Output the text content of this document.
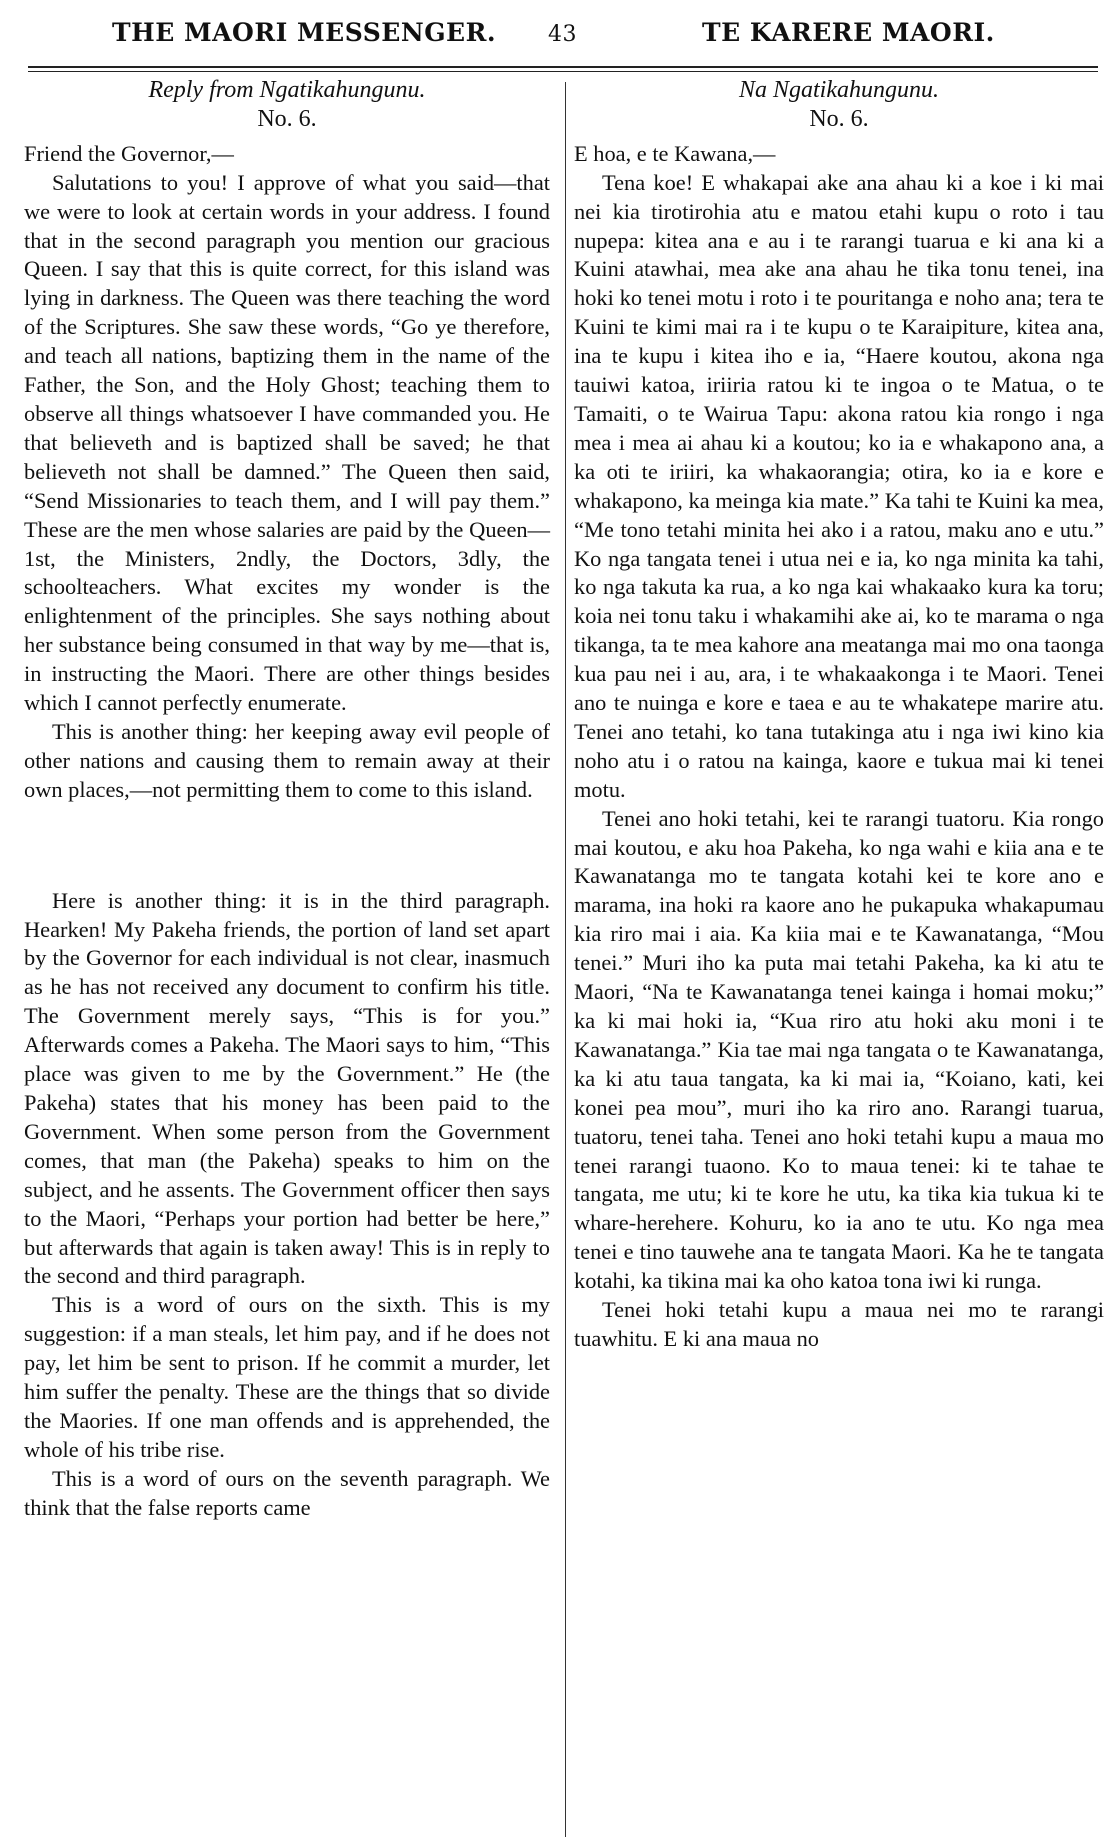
THE MAORI MESSENGER. 43	TE KARERE MAORI.

Reply from Ngatikahungunu.

No. 6.

Friend the Governor,—

Salutations to you! I approve of what you said—that we were to look at certain words in your address. I found that in the second paragraph you mention our gracious Queen. I say that this is quite correct, for this island was lying in darkness. The Queen was there teaching the word of the Scriptures. She saw these words, “Go ye therefore, and teach all nations, baptizing them in the name of the Father, the Son, and the Holy Ghost; teaching them to observe all things whatsoever I have commanded you. He that believeth and is baptized shall be saved; he that believeth not shall be damned.” The Queen then said, “Send Missionaries to teach them, and I will pay them.” These are the men whose salaries are paid by the Queen—1st, the Ministers, 2ndly, the Doctors, 3dly, the schoolteachers. What excites my wonder is the enlightenment of the principles. She says nothing about her substance being consumed in that way by me—that is, in instructing the Maori. There are other things besides which I cannot perfectly enumerate.

This is another thing: her keeping away evil people of other nations and causing them to remain away at their own places,—not permitting them to come to this island.

Here is another thing: it is in the third paragraph. Hearken! My Pakeha friends, the portion of land set apart by the Governor for each individual is not clear, inasmuch as he has not received any document to confirm his title. The Government merely says, “This is for you.” Afterwards comes a Pakeha. The Maori says to him, “This place was given to me by the Government.” He (the Pakeha) states that his money has been paid to the Government. When some person from the Government comes, that man (the Pakeha) speaks to him on the subject, and he assents. The Government officer then says to the Maori, “Perhaps your portion had better be here,” but afterwards that again is taken away! This is in reply to the second and third paragraph.

This is a word of ours on the sixth. This is my suggestion: if a man steals, let him pay, and if he does not pay, let him be sent to prison. If he commit a murder, let him suffer the penalty. These are the things that so divide the Maories. If one man offends and is apprehended, the whole of his tribe rise.

This is a word of ours on the seventh paragraph. We think that the false reports came

Na Ngatikahungunu.

No. 6.

E hoa, e te Kawana,—

Tena koe! E whakapai ake ana ahau ki a koe i ki mai nei kia tirotirohia atu e matou etahi kupu o roto i tau nupepa: kitea ana e au i te rarangi tuarua e ki ana ki a Kuini atawhai, mea ake ana ahau he tika tonu tenei, ina hoki ko tenei motu i roto i te pouritanga e noho ana; tera te Kuini te kimi mai ra i te kupu o te Karaipiture, kitea ana, ina te kupu i kitea iho e ia, “Haere koutou, akona nga tauiwi katoa, iriiria ratou ki te ingoa o te Matua, o te Tamaiti, o te Wairua Tapu: akona ratou kia rongo i nga mea i mea ai ahau ki a koutou; ko ia e whakapono ana, a ka oti te iriiri, ka whakaorangia; otira, ko ia e kore e whakapono, ka meinga kia mate.” Ka tahi te Kuini ka mea, “Me tono tetahi minita hei ako i a ratou, maku ano e utu.” Ko nga tangata tenei i utua nei e ia, ko nga minita ka tahi, ko nga takuta ka rua, a ko nga kai whakaako kura ka toru; koia nei tonu taku i whakamihi ake ai, ko te marama o nga tikanga, ta te mea kahore ana meatanga mai mo ona taonga kua pau nei i au, ara, i te whakaakonga i te Maori. Tenei ano te nuinga e kore e taea e au te whakatepe marire atu. Tenei ano tetahi, ko tana tutakinga atu i nga iwi kino kia noho atu i o ratou na kainga, kaore e tukua mai ki tenei motu.

Tenei ano hoki tetahi, kei te rarangi tuatoru. Kia rongo mai koutou, e aku hoa Pakeha, ko nga wahi e kiia ana e te Kawanatanga mo te tangata kotahi kei te kore ano e marama, ina hoki ra kaore ano he pukapuka whakapumau kia riro mai i aia. Ka kiia mai e te Kawanatanga, “Mou tenei.” Muri iho ka puta mai tetahi Pakeha, ka ki atu te Maori, “Na te Kawanatanga tenei kainga i homai moku;” ka ki mai hoki ia, “Kua riro atu hoki aku moni i te Kawanatanga.” Kia tae mai nga tangata o te Kawanatanga, ka ki atu taua tangata, ka ki mai ia, “Koiano, kati, kei konei pea mou”, muri iho ka riro ano. Rarangi tuarua, tuatoru, tenei taha. Tenei ano hoki tetahi kupu a maua mo tenei rarangi tuaono. Ko to maua tenei: ki te tahae te tangata, me utu; ki te kore he utu, ka tika kia tukua ki te whare-herehere. Kohuru, ko ia ano te utu. Ko nga mea tenei e tino tauwehe ana te tangata Maori. Ka he te tangata kotahi, ka tikina mai ka oho katoa tona iwi ki runga.

Tenei hoki tetahi kupu a maua nei mo te rarangi tuawhitu. E ki ana maua no
